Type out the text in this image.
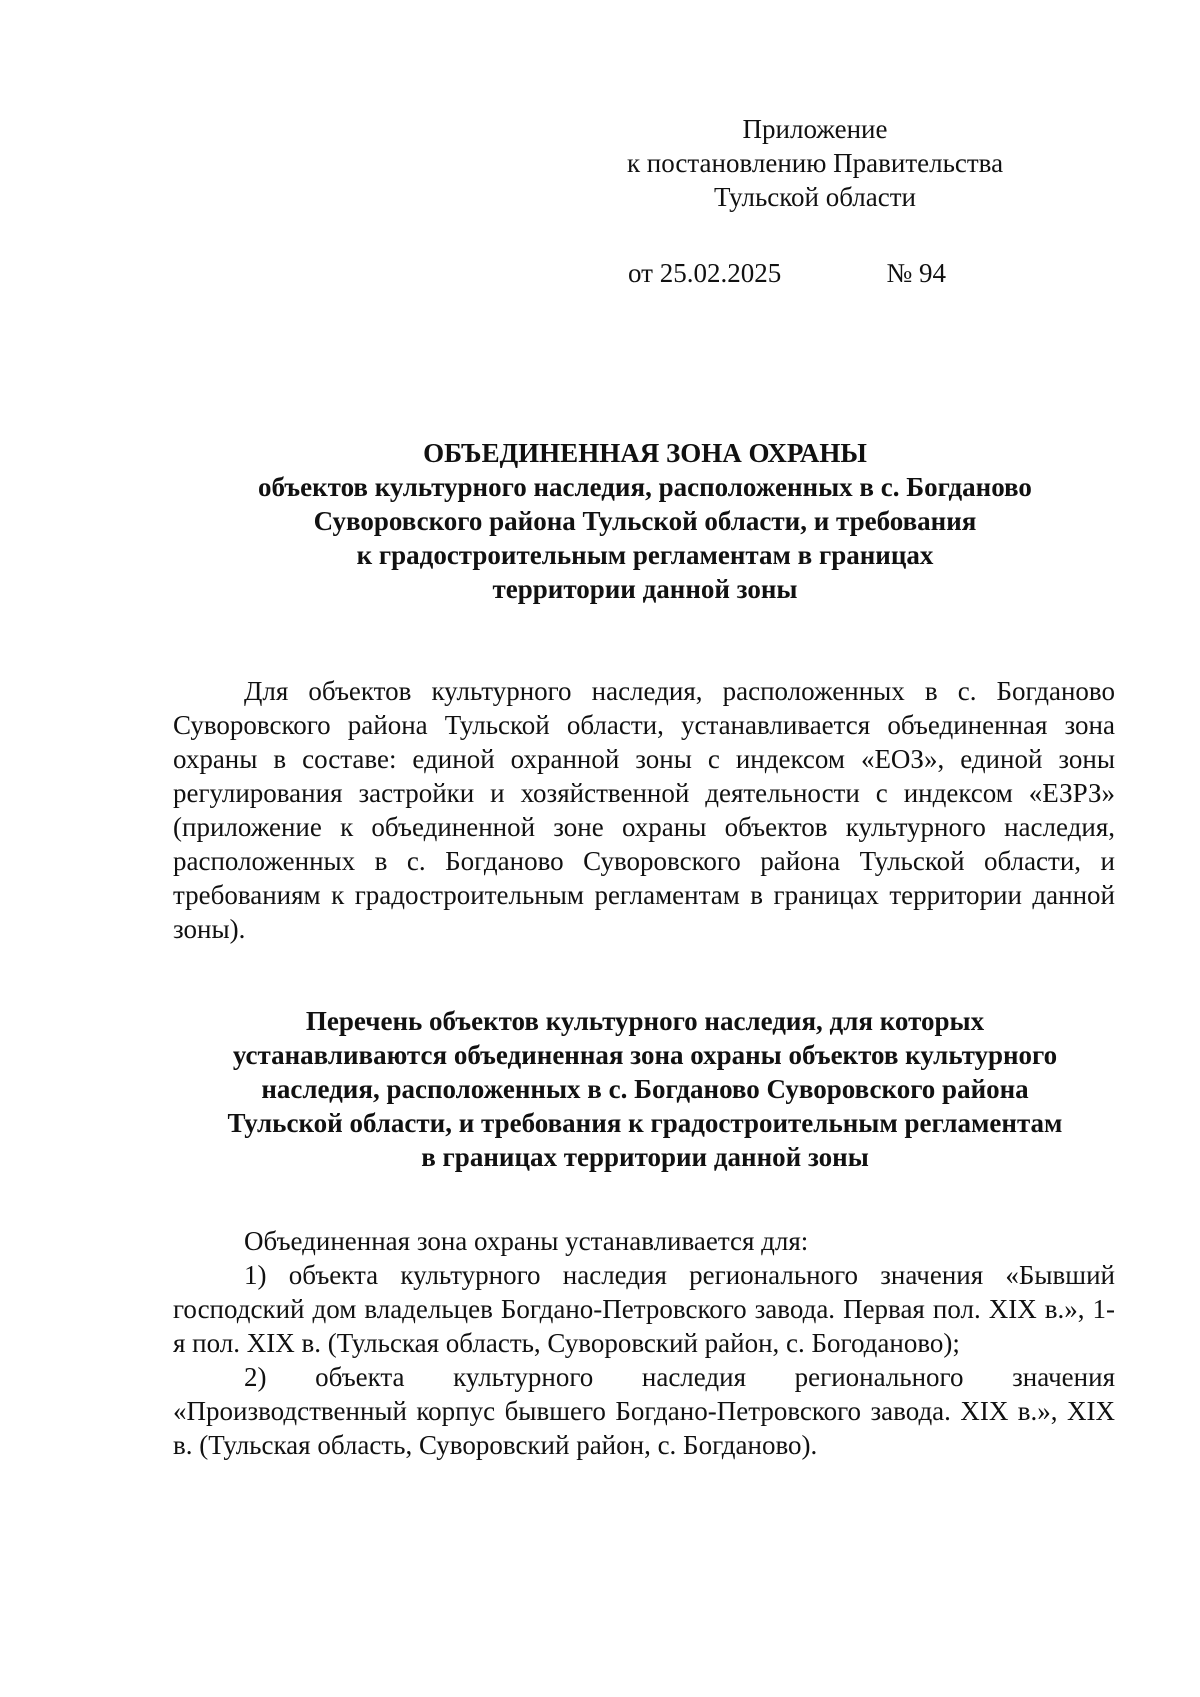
Приложение
к постановлению Правительства
Тульской области
от 25.02.2025	№ 94
ОБЪЕДИНЕННАЯ ЗОНА ОХРАНЫ
объектов культурного наследия, расположенных в с. Богданово
Суворовского района Тульской области, и требования
к градостроительным регламентам в границах
территории данной зоны

Для объектов культурного наследия, расположенных в с. Богданово Суворовского района Тульской области, устанавливается объединенная зона охраны в составе: единой охранной зоны с индексом «ЕОЗ», единой зоны регулирования застройки и хозяйственной деятельности с индексом «ЕЗРЗ» (приложение к объединенной зоне охраны объектов культурного наследия, расположенных в с. Богданово Суворовского района Тульской области, и требованиям к градостроительным регламентам в границах территории данной зоны).

Перечень объектов культурного наследия, для которых
устанавливаются объединенная зона охраны объектов культурного
наследия, расположенных в с. Богданово Суворовского района
Тульской области, и требования к градостроительным регламентам
в границах территории данной зоны

Объединенная зона охраны устанавливается для:

1) объекта культурного наследия регионального значения «Бывший господский дом владельцев Богдано-Петровского завода. Первая пол. XIX в.», 1-я пол. XIX в. (Тульская область, Суворовский район, с. Богоданово);

2) объекта культурного наследия регионального значения «Производственный корпус бывшего Богдано-Петровского завода. XIX в.», XIX в. (Тульская область, Суворовский район, с. Богданово).
